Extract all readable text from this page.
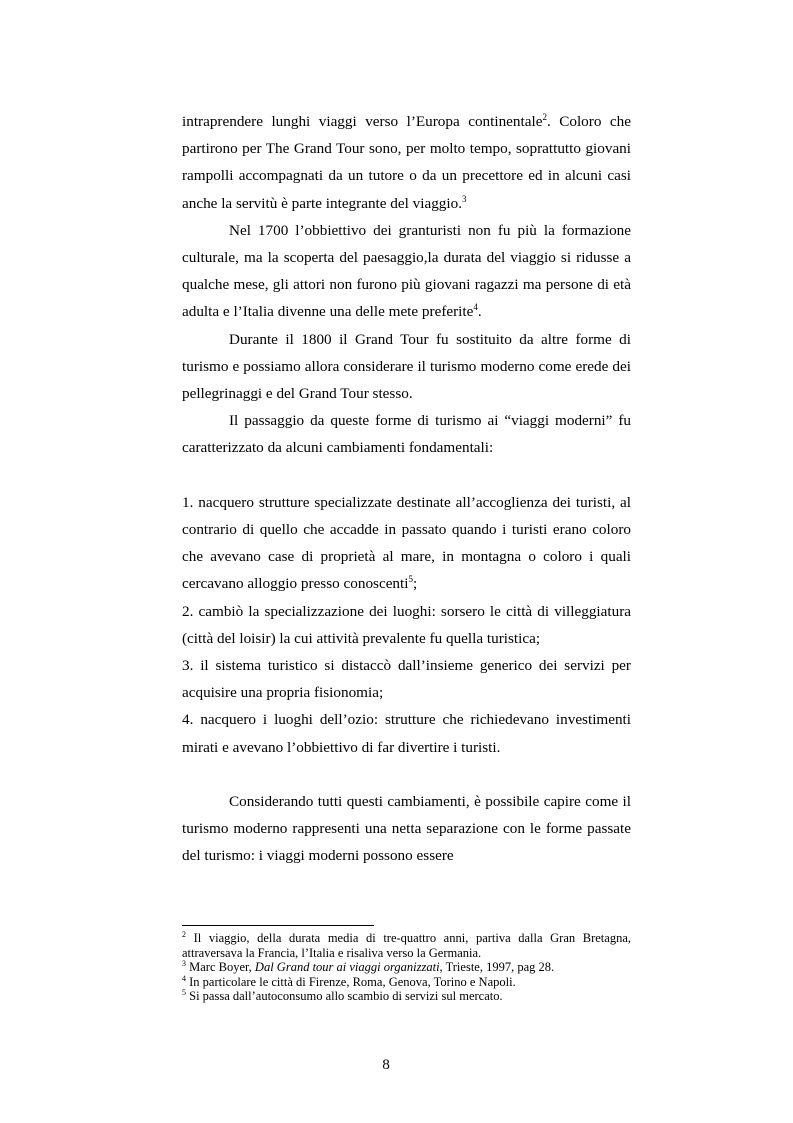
intraprendere lunghi viaggi verso l’Europa continentale$^2$. Coloro che partirono per The Grand Tour sono, per molto tempo, soprattutto giovani rampolli accompagnati da un tutore o da un precettore ed in alcuni casi anche la servitù è parte integrante del viaggio.$^3$

Nel 1700 l’obbiettivo dei granturisti non fu più la formazione culturale, ma la scoperta del paesaggio,la durata del viaggio si ridusse a qualche mese, gli attori non furono più giovani ragazzi ma persone di età adulta e l’Italia divenne una delle mete preferite$^4$.

Durante il 1800 il Grand Tour fu sostituito da altre forme di turismo e possiamo allora considerare il turismo moderno come erede dei pellegrinaggi e del Grand Tour stesso.

Il passaggio da queste forme di turismo ai “viaggi moderni” fu caratterizzato da alcuni cambiamenti fondamentali:

1. nacquero strutture specializzate destinate all’accoglienza dei turisti, al contrario di quello che accadde in passato quando i turisti erano coloro che avevano case di proprietà al mare, in montagna o coloro i quali cercavano alloggio presso conoscenti$^5$;

2. cambiò la specializzazione dei luoghi: sorsero le città di villeggiatura (città del loisir) la cui attività prevalente fu quella turistica;

3. il sistema turistico si distaccò dall’insieme generico dei servizi per acquisire una propria fisionomia;

4. nacquero i luoghi dell’ozio: strutture che richiedevano investimenti mirati e avevano l’obbiettivo di far divertire i turisti.

Considerando tutti questi cambiamenti, è possibile capire come il turismo moderno rappresenti una netta separazione con le forme passate del turismo: i viaggi moderni possono essere

$^2$ Il viaggio, della durata media di tre-quattro anni, partiva dalla Gran Bretagna, attraversava la Francia, l’Italia e risaliva verso la Germania.

$^3$ Marc Boyer, Dal Grand tour ai viaggi organizzati, Trieste, 1997, pag 28.

$^4$ In particolare le città di Firenze, Roma, Genova, Torino e Napoli.

$^5$ Si passa dall’autoconsumo allo scambio di servizi sul mercato.

8
